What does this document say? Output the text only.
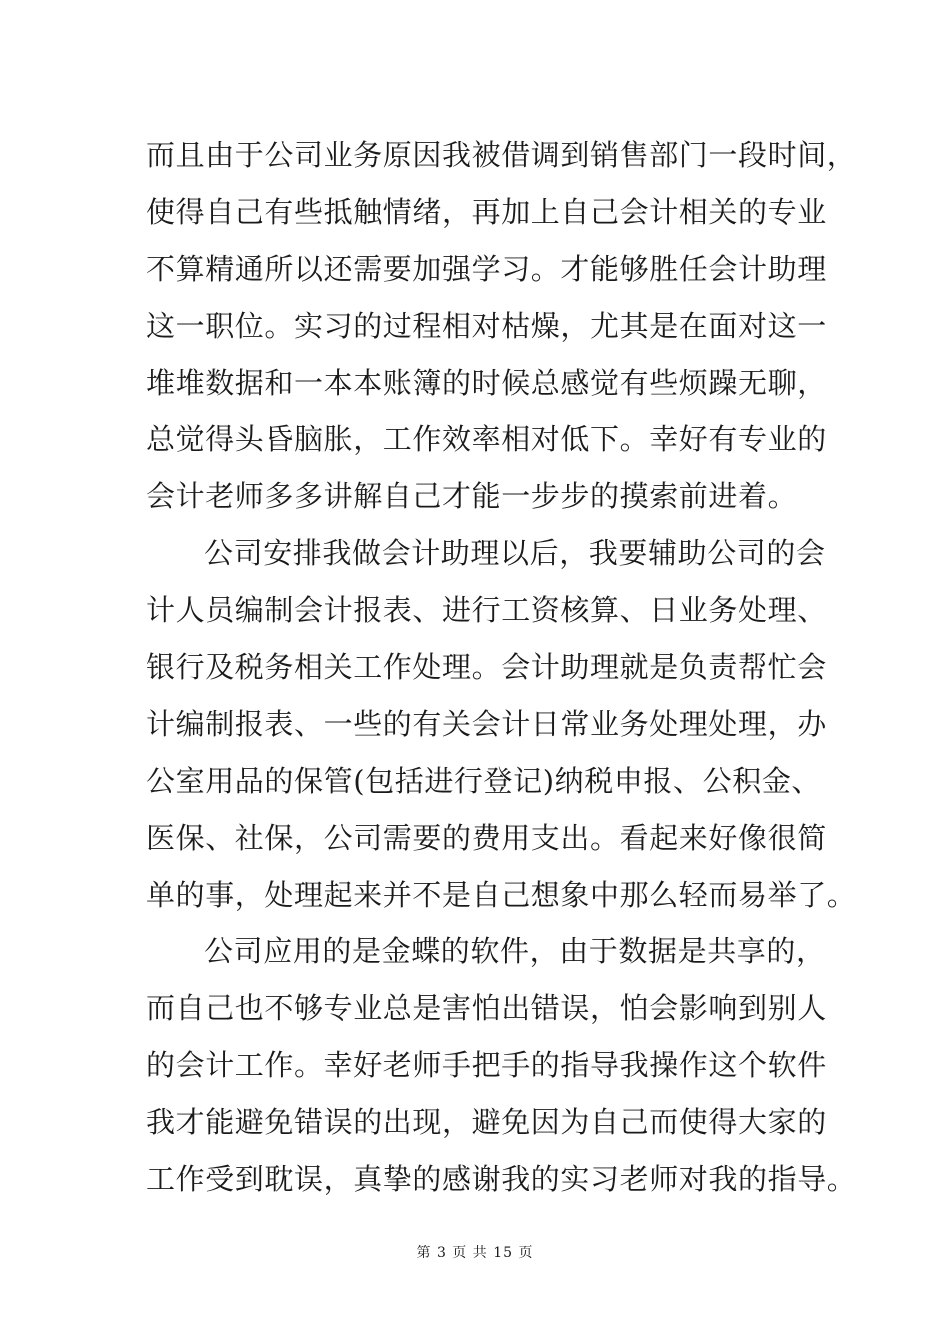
而且由于公司业务原因我被借调到销售部门一段时间，
使得自己有些抵触情绪，再加上自己会计相关的专业
不算精通所以还需要加强学习。才能够胜任会计助理
这一职位。实习的过程相对枯燥，尤其是在面对这一
堆堆数据和一本本账簿的时候总感觉有些烦躁无聊，
总觉得头昏脑胀，工作效率相对低下。幸好有专业的
会计老师多多讲解自己才能一步步的摸索前进着。
公司安排我做会计助理以后，我要辅助公司的会
计人员编制会计报表、进行工资核算、日业务处理、
银行及税务相关工作处理。会计助理就是负责帮忙会
计编制报表、一些的有关会计日常业务处理处理，办
公室用品的保管(包括进行登记)纳税申报、公积金、
医保、社保，公司需要的费用支出。看起来好像很简
单的事，处理起来并不是自己想象中那么轻而易举了。
公司应用的是金蝶的软件，由于数据是共享的，
而自己也不够专业总是害怕出错误，怕会影响到别人
的会计工作。幸好老师手把手的指导我操作这个软件
我才能避免错误的出现，避免因为自己而使得大家的
工作受到耽误，真挚的感谢我的实习老师对我的指导。
第 3 页 共 15 页
